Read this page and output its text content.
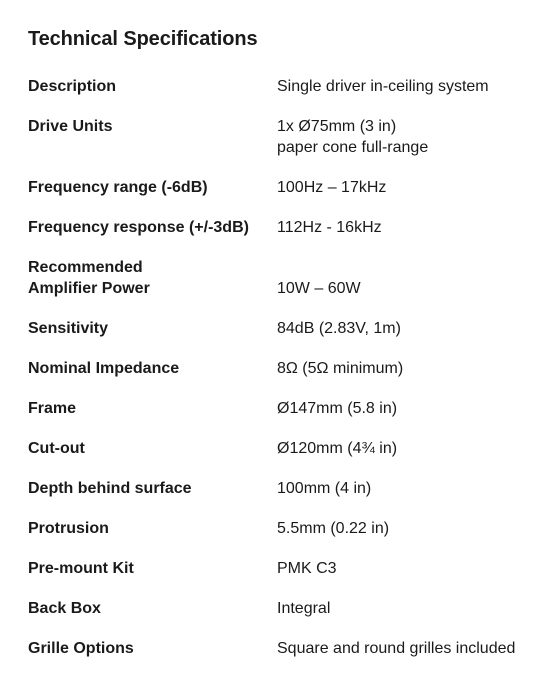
Technical Specifications
Description	Single driver in-ceiling system
Drive Units	1x Ø75mm (3 in)
paper cone full-range
Frequency range (-6dB)	100Hz – 17kHz
Frequency response (+/-3dB)	112Hz - 16kHz
Recommended
Amplifier Power	10W – 60W
Sensitivity	84dB (2.83V, 1m)
Nominal Impedance	8Ω (5Ω minimum)
Frame	Ø147mm (5.8 in)
Cut-out	Ø120mm (4¾ in)
Depth behind surface	100mm (4 in)
Protrusion	5.5mm (0.22 in)
Pre-mount Kit	PMK C3
Back Box	Integral
Grille Options	Square and round grilles included
